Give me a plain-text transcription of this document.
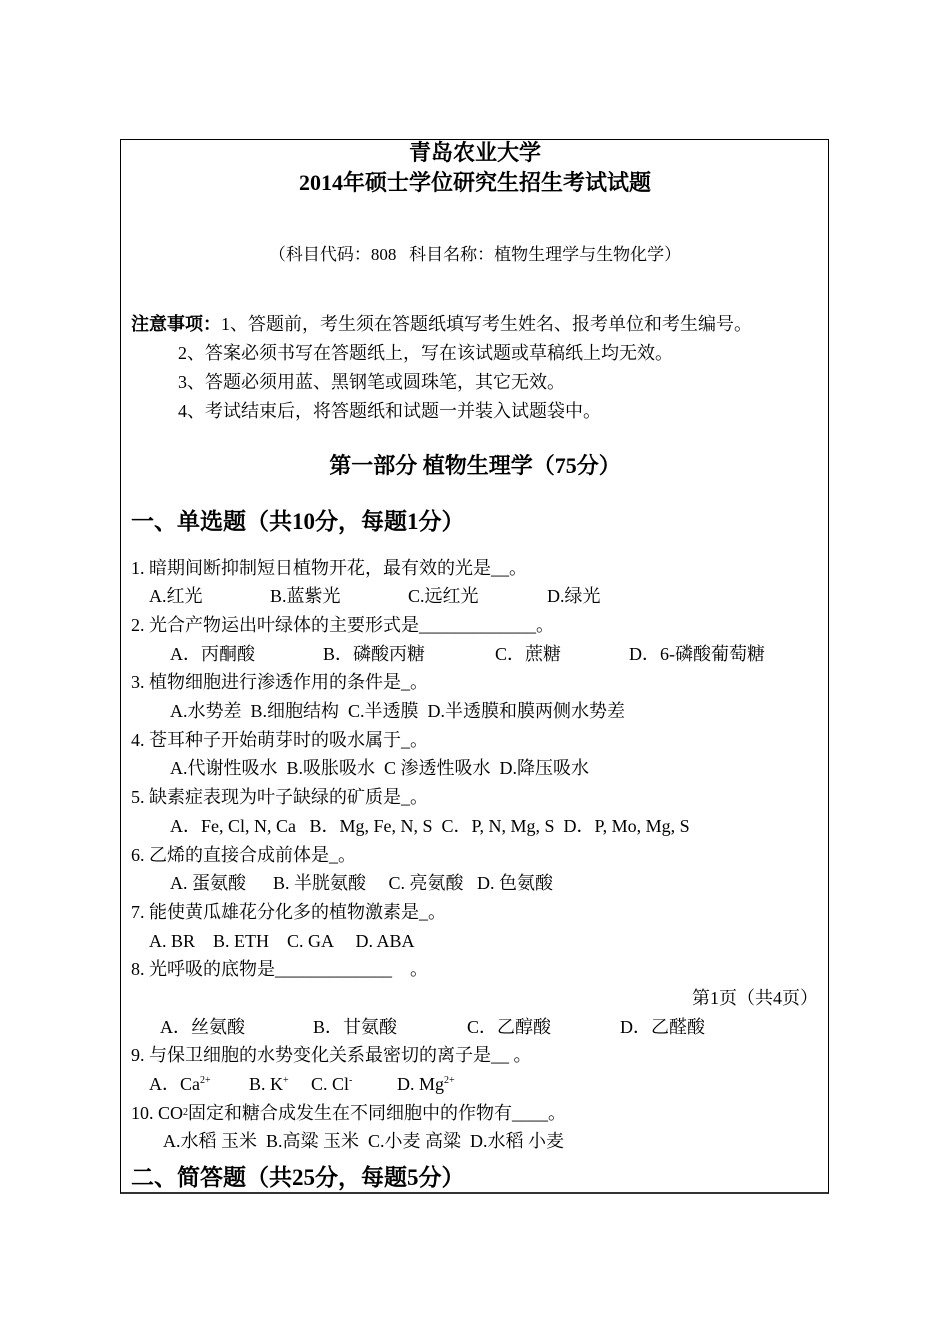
青岛农业大学
2014年硕士学位研究生招生考试试题
（科目代码：808   科目名称：植物生理学与生物化学）
注意事项：1、答题前，考生须在答题纸填写考生姓名、报考单位和考生编号。
2、答案必须书写在答题纸上，写在该试题或草稿纸上均无效。
3、答题必须用蓝、黑钢笔或圆珠笔，其它无效。
4、考试结束后，将答题纸和试题一并装入试题袋中。
第一部分 植物生理学（75分）
一、单选题（共10分，每题1分）
1. 暗期间断抑制短日植物开花，最有效的光是__。
A.红光	B.蓝紫光	C.远红光	D.绿光
2. 光合产物运出叶绿体的主要形式是_____________。
A．丙酮酸	B．磷酸丙糖	C．蔗糖	D．6-磷酸葡萄糖
3. 植物细胞进行渗透作用的条件是_。
A.水势差  B.细胞结构  C.半透膜  D.半透膜和膜两侧水势差
4. 苍耳种子开始萌芽时的吸水属于_。
A.代谢性吸水  B.吸胀吸水  C 渗透性吸水  D.降压吸水
5. 缺素症表现为叶子缺绿的矿质是_。
A．Fe, Cl, N, Ca   B．Mg, Fe, N, S  C．P, N, Mg, S  D．P, Mo, Mg, S
6. 乙烯的直接合成前体是_。
A. 蛋氨酸      B. 半胱氨酸     C. 亮氨酸   D. 色氨酸
7. 能使黄瓜雄花分化多的植物激素是_。
A. BR    B. ETH    C. GA     D. ABA
8. 光呼吸的底物是_____________    。
第1页（共4页）
A．丝氨酸	B．甘氨酸	C．乙醇酸	D．乙醛酸
9. 与保卫细胞的水势变化关系最密切的离子是__ 。
A．$Ca^{2+}$ B. K+ C. Cl- D. $Mg^{2+}$
10. CO2固定和糖合成发生在不同细胞中的作物有____。
A.水稻 玉米  B.高粱 玉米  C.小麦 高粱  D.水稻 小麦
二、简答题（共25分，每题5分）
